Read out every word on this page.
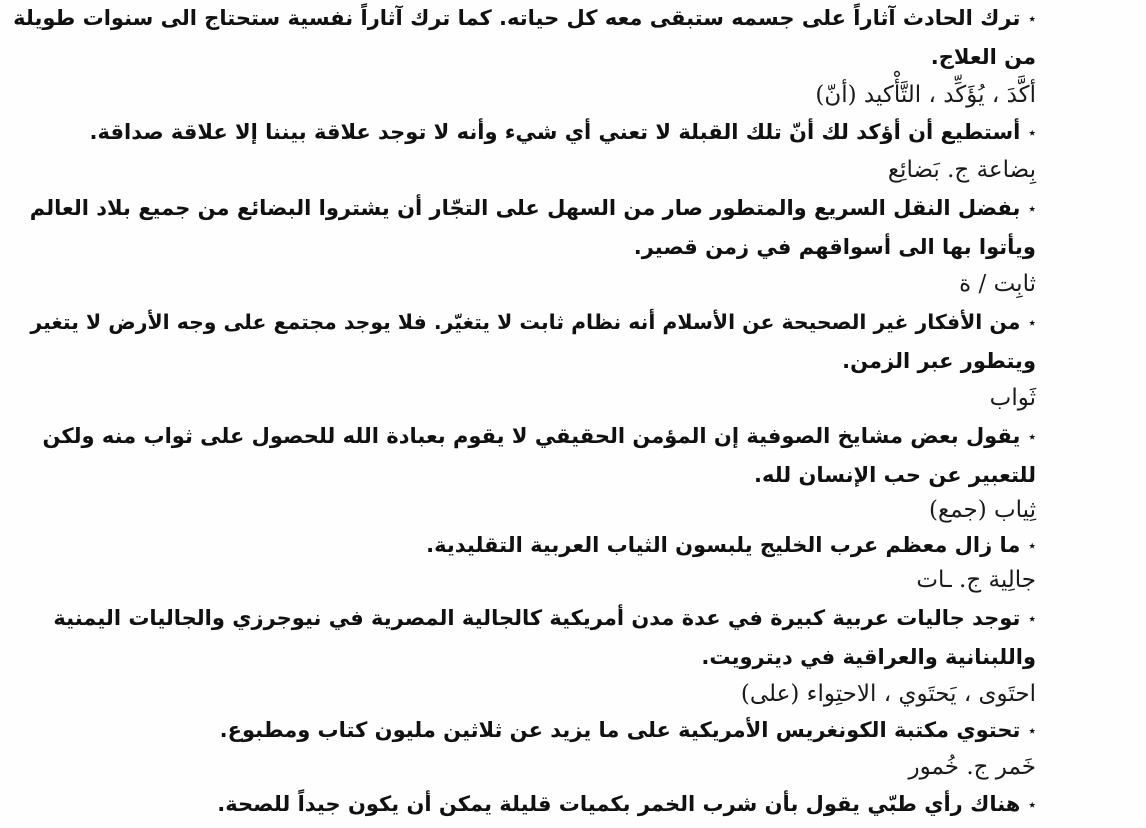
٭ترك الحادث آثاراً على جسمه ستبقى معه كل حياته. كما ترك آثاراً نفسية ستحتاج الى سنوات طويلة
من العلاج.
أكَّدَ ، يُؤَكِّد ، التَّأْكيد (أنّ)
٭أستطيع أن أؤكد لك أنّ تلك القبلة لا تعني أي شيء وأنه لا توجد علاقة بيننا إلا علاقة صداقة.
بِضاعة ج. بَضائِع
٭بفضل النقل السريع والمتطور صار من السهل على التجّار أن يشتروا البضائع من جميع بلاد العالم
ويأتوا بها الى أسواقهم في زمن قصير.
ثابِت / ة
٭من الأفكار غير الصحيحة عن الأسلام أنه نظام ثابت لا يتغيّر. فلا يوجد مجتمع على وجه الأرض لا يتغير
ويتطور عبر الزمن.
ثَواب
٭يقول بعض مشايخ الصوفية إن المؤمن الحقيقي لا يقوم بعبادة الله للحصول على ثواب منه ولكن
للتعبير عن حب الإنسان لله.
ثِياب (جمع)
٭ما زال معظم عرب الخليج يلبسون الثياب العربية التقليدية.
جالِية ج. ـات
٭توجد جاليات عربية كبيرة في عدة مدن أمريكية كالجالية المصرية في نيوجرزي والجاليات اليمنية
واللبنانية والعراقية في ديترويت.
احتَوى ، يَحتَوي ، الاحتِواء (على)
٭تحتوي مكتبة الكونغريس الأمريكية على ما يزيد عن ثلاثين مليون كتاب ومطبوع.
خَمر ج. خُمور
٭هناك رأي طبّي يقول بأن شرب الخمر بكميات قليلة يمكن أن يكون جيداً للصحة.
